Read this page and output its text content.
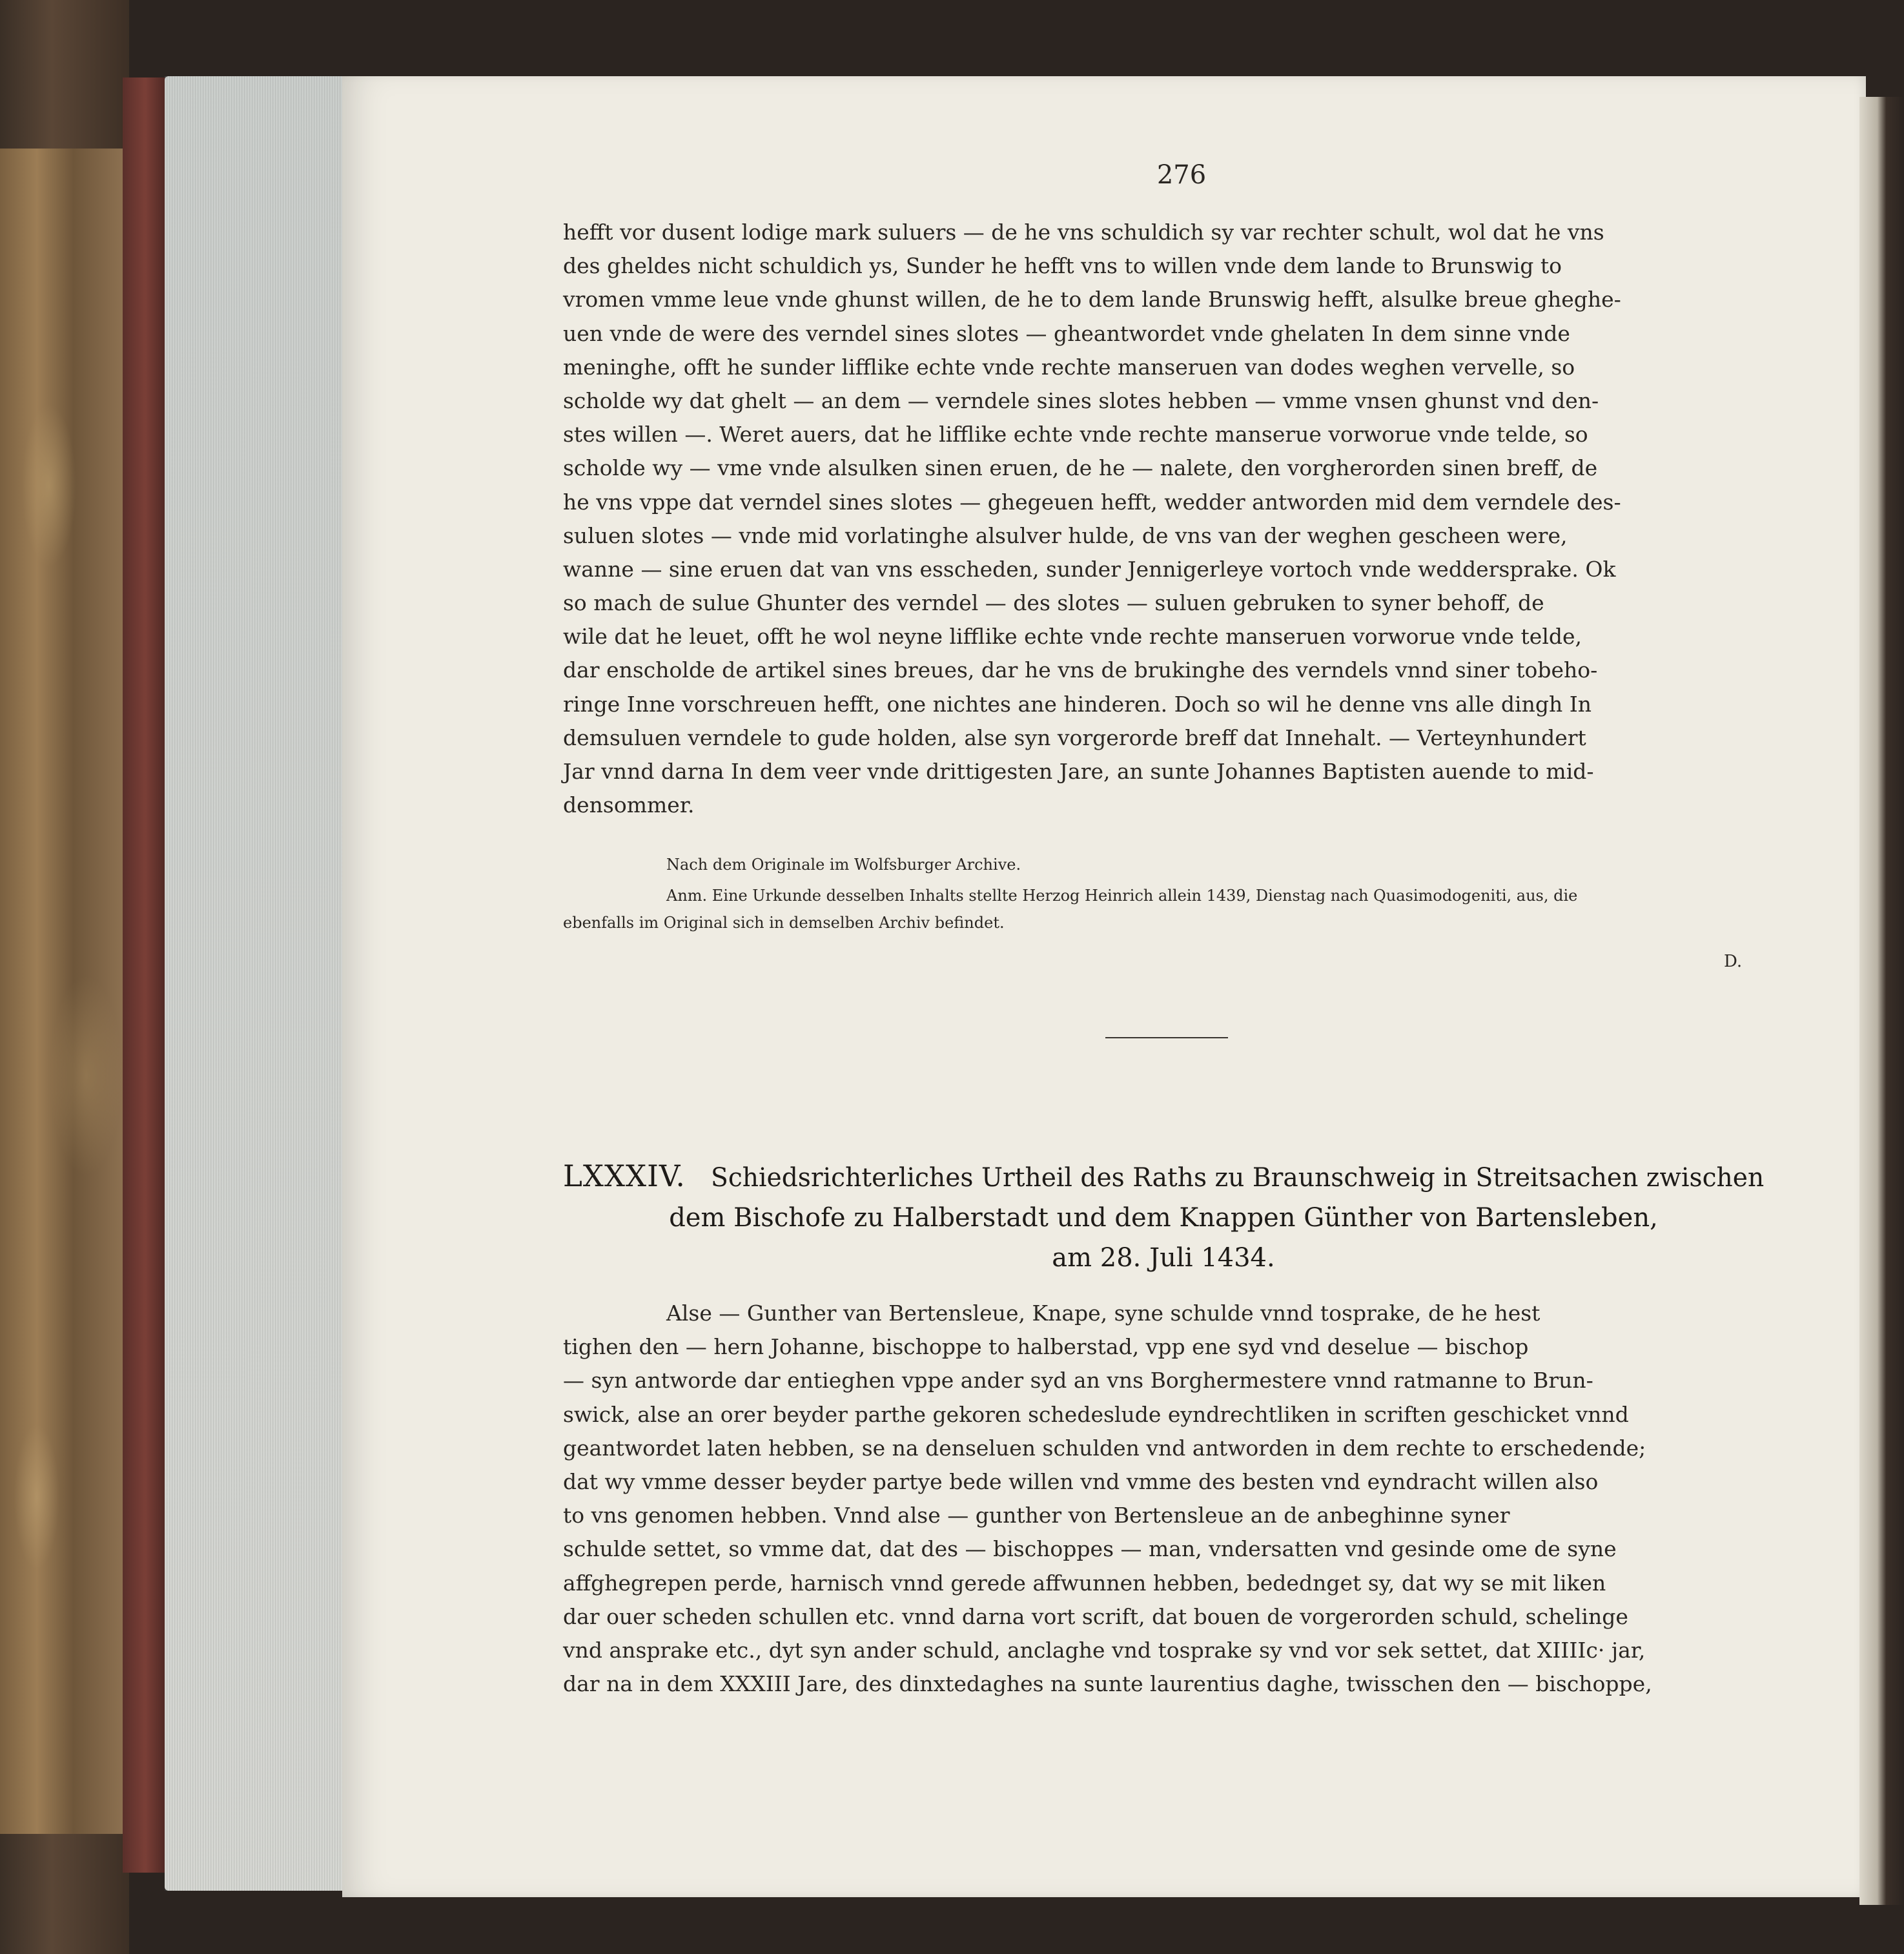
276
hefft vor dusent lodige mark suluers — de he vns schuldich sy var rechter schult, wol dat he vns
des gheldes nicht schuldich ys, Sunder he hefft vns to willen vnde dem lande to Brunswig to
vromen vmme leue vnde ghunst willen, de he to dem lande Brunswig hefft, alsulke breue gheghe-
uen vnde de were des verndel sines slotes — gheantwordet vnde ghelaten In dem sinne vnde
meninghe, offt he sunder lifflike echte vnde rechte manseruen van dodes weghen vervelle, so
scholde wy dat ghelt — an dem — verndele sines slotes hebben — vmme vnsen ghunst vnd den-
stes willen —. Weret auers, dat he lifflike echte vnde rechte manserue vorworue vnde telde, so
scholde wy — vme vnde alsulken sinen eruen, de he — nalete, den vorgherorden sinen breff, de
he vns vppe dat verndel sines slotes — ghegeuen hefft, wedder antworden mid dem verndele des-
suluen slotes — vnde mid vorlatinghe alsulver hulde, de vns van der weghen gescheen were,
wanne — sine eruen dat van vns esscheden, sunder Jennigerleye vortoch vnde weddersprake. Ok
so mach de sulue Ghunter des verndel — des slotes — suluen gebruken to syner behoff, de
wile dat he leuet, offt he wol neyne lifflike echte vnde rechte manseruen vorworue vnde telde,
dar enscholde de artikel sines breues, dar he vns de brukinghe des verndels vnnd siner tobeho-
ringe Inne vorschreuen hefft, one nichtes ane hinderen. Doch so wil he denne vns alle dingh In
demsuluen verndele to gude holden, alse syn vorgerorde breff dat Innehalt. — Verteynhundert
Jar vnnd darna In dem veer vnde drittigesten Jare, an sunte Johannes Baptisten auende to mid-
densommer.
Nach dem Originale im Wolfsburger Archive.
Anm. Eine Urkunde desselben Inhalts stellte Herzog Heinrich allein 1439, Dienstag nach Quasimodogeniti, aus, die
ebenfalls im Original sich in demselben Archiv befindet.
D.
LXXXIV. Schiedsrichterliches Urtheil des Raths zu Braunschweig in Streitsachen zwischen
dem Bischofe zu Halberstadt und dem Knappen Günther von Bartensleben,
am 28. Juli 1434.
Alse — Gunther van Bertensleue, Knape, syne schulde vnnd tosprake, de he hest
tighen den — hern Johanne, bischoppe to halberstad, vpp ene syd vnd deselue — bischop
— syn antworde dar entieghen vppe ander syd an vns Borghermestere vnnd ratmanne to Brun-
swick, alse an orer beyder parthe gekoren schedeslude eyndrechtliken in scriften geschicket vnnd
geantwordet laten hebben, se na denseluen schulden vnd antworden in dem rechte to erschedende;
dat wy vmme desser beyder partye bede willen vnd vmme des besten vnd eyndracht willen also
to vns genomen hebben. Vnnd alse — gunther von Bertensleue an de anbeghinne syner
schulde settet, so vmme dat, dat des — bischoppes — man, vndersatten vnd gesinde ome de syne
affghegrepen perde, harnisch vnnd gerede affwunnen hebben, bedednget sy, dat wy se mit liken
dar ouer scheden schullen etc. vnnd darna vort scrift, dat bouen de vorgerorden schuld, schelinge
vnd ansprake etc., dyt syn ander schuld, anclaghe vnd tosprake sy vnd vor sek settet, dat XIIIIc· jar,
dar na in dem XXXIII Jare, des dinxtedaghes na sunte laurentius daghe, twisschen den — bischoppe,
